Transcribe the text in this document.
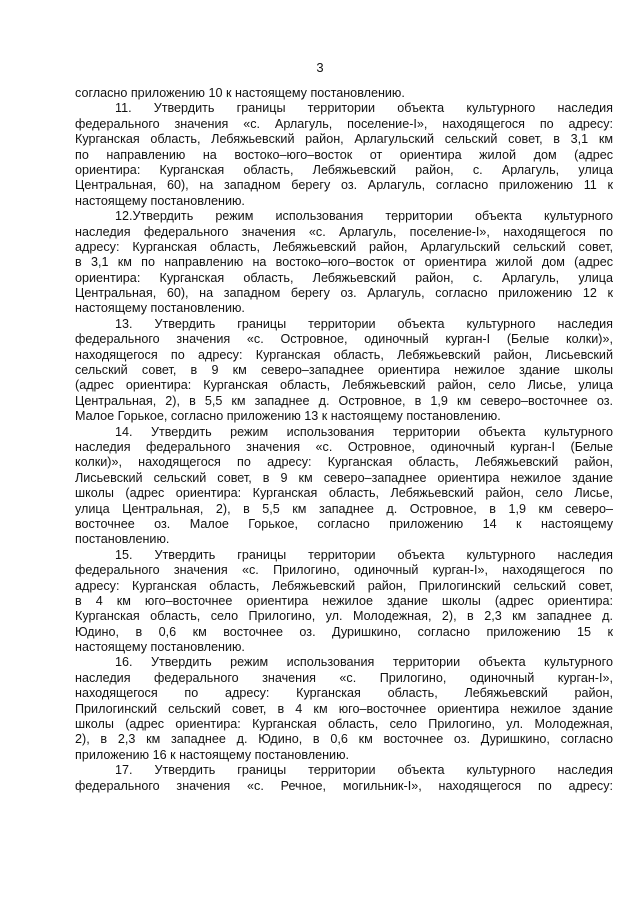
3
согласно приложению 10 к настоящему постановлению.
11. Утвердить границы территории объекта культурного наследия
федерального значения «с. Арлагуль, поселение-I», находящегося по адресу:
Курганская область, Лебяжьевский район, Арлагульский сельский совет, в 3,1 км
по направлению на востоко–юго–восток от ориентира жилой дом (адрес
ориентира: Курганская область, Лебяжьевский район, с. Арлагуль, улица
Центральная, 60), на западном берегу оз. Арлагуль, согласно приложению 11 к
настоящему постановлению.
12.Утвердить режим использования территории объекта культурного
наследия федерального значения «с. Арлагуль, поселение-I», находящегося по
адресу: Курганская область, Лебяжьевский район, Арлагульский сельский совет,
в 3,1 км по направлению на востоко–юго–восток от ориентира жилой дом (адрес
ориентира: Курганская область, Лебяжьевский район, с. Арлагуль, улица
Центральная, 60), на западном берегу оз. Арлагуль, согласно приложению 12 к
настоящему постановлению.
13. Утвердить границы территории объекта культурного наследия
федерального значения «с. Островное, одиночный курган-I (Белые колки)»,
находящегося по адресу: Курганская область, Лебяжьевский район, Лисьевский
сельский совет, в 9 км северо–западнее ориентира нежилое здание школы
(адрес ориентира: Курганская область, Лебяжьевский район, село Лисье, улица
Центральная, 2), в 5,5 км западнее д. Островное, в 1,9 км северо–восточнее оз.
Малое Горькое, согласно приложению 13 к настоящему постановлению.
14. Утвердить режим использования территории объекта культурного
наследия федерального значения «с. Островное, одиночный курган-I (Белые
колки)», находящегося по адресу: Курганская область, Лебяжьевский район,
Лисьевский сельский совет, в 9 км северо–западнее ориентира нежилое здание
школы (адрес ориентира: Курганская область, Лебяжьевский район, село Лисье,
улица Центральная, 2), в 5,5 км западнее д. Островное, в 1,9 км северо–
восточнее оз. Малое Горькое, согласно приложению 14 к настоящему
постановлению.
15. Утвердить границы территории объекта культурного наследия
федерального значения «с. Прилогино, одиночный курган-I», находящегося по
адресу: Курганская область, Лебяжьевский район, Прилогинский сельский совет,
в 4 км юго–восточнее ориентира нежилое здание школы (адрес ориентира:
Курганская область, село Прилогино, ул. Молодежная, 2), в 2,3 км западнее д.
Юдино, в 0,6 км восточнее оз. Дуришкино, согласно приложению 15 к
настоящему постановлению.
16. Утвердить режим использования территории объекта культурного
наследия федерального значения «с. Прилогино, одиночный курган-I»,
находящегося по адресу: Курганская область, Лебяжьевский район,
Прилогинский сельский совет, в 4 км юго–восточнее ориентира нежилое здание
школы (адрес ориентира: Курганская область, село Прилогино, ул. Молодежная,
2), в 2,3 км западнее д. Юдино, в 0,6 км восточнее оз. Дуришкино, согласно
приложению 16 к настоящему постановлению.
17. Утвердить границы территории объекта культурного наследия
федерального значения «с. Речное, могильник-I», находящегося по адресу:
